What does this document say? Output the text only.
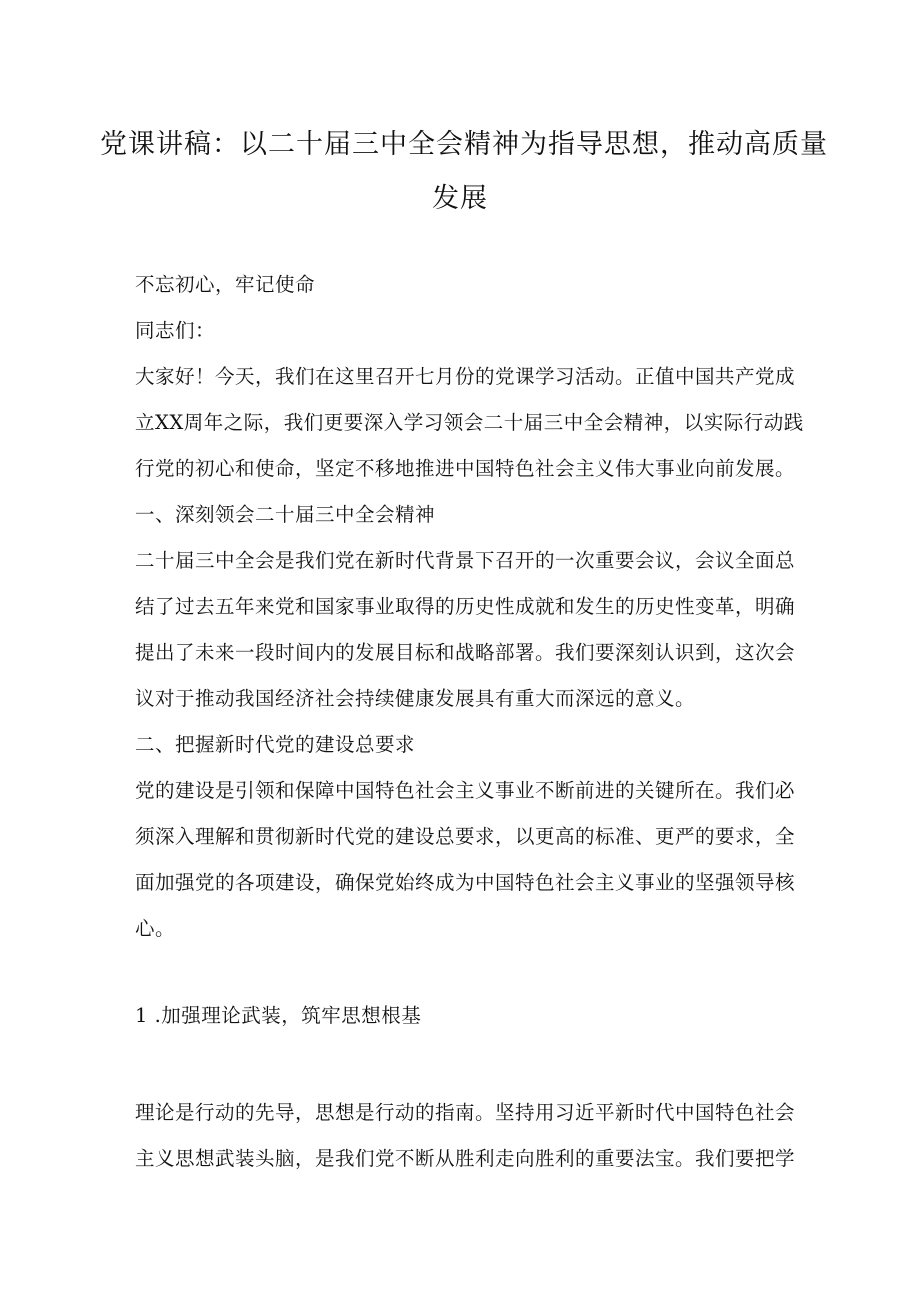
党课讲稿：以二十届三中全会精神为指导思想，推动高质量
发展
不忘初心，牢记使命
同志们：
大家好！今天，我们在这里召开七月份的党课学习活动。正值中国共产党成
立XX周年之际，我们更要深入学习领会二十届三中全会精神，以实际行动践
行党的初心和使命，坚定不移地推进中国特色社会主义伟大事业向前发展。
一、深刻领会二十届三中全会精神
二十届三中全会是我们党在新时代背景下召开的一次重要会议，会议全面总
结了过去五年来党和国家事业取得的历史性成就和发生的历史性变革，明确
提出了未来一段时间内的发展目标和战略部署。我们要深刻认识到，这次会
议对于推动我国经济社会持续健康发展具有重大而深远的意义。
二、把握新时代党的建设总要求
党的建设是引领和保障中国特色社会主义事业不断前进的关键所在。我们必
须深入理解和贯彻新时代党的建设总要求，以更高的标准、更严的要求，全
面加强党的各项建设，确保党始终成为中国特色社会主义事业的坚强领导核
心。
1 .加强理论武装，筑牢思想根基
理论是行动的先导，思想是行动的指南。坚持用习近平新时代中国特色社会
主义思想武装头脑，是我们党不断从胜利走向胜利的重要法宝。我们要把学
